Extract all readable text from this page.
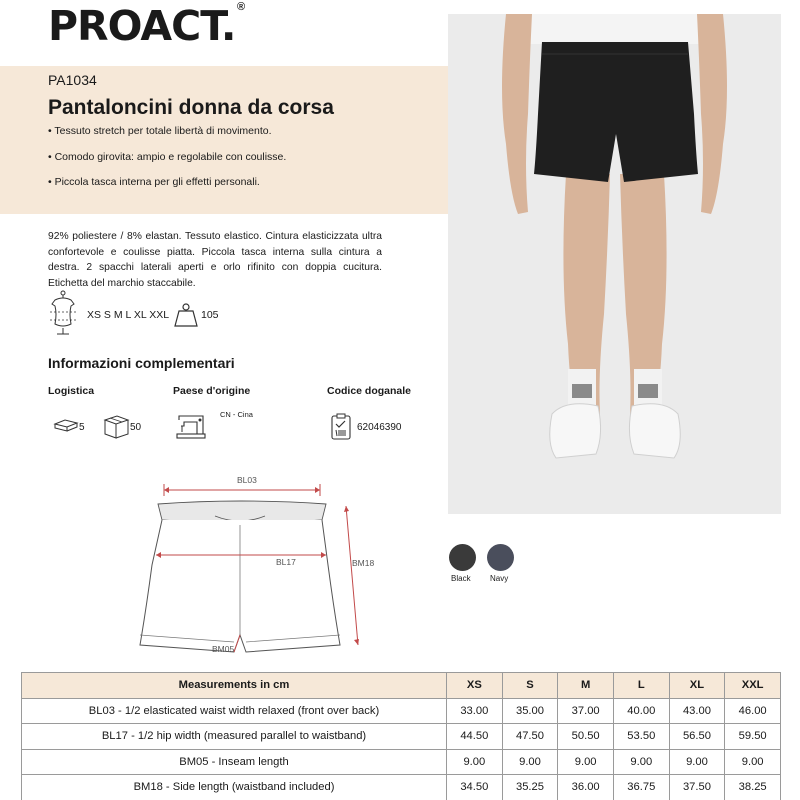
PROACT. ®
PA1034
Pantaloncini donna da corsa
• Tessuto stretch per totale libertà di movimento.
• Comodo girovita: ampio e regolabile con coulisse.
• Piccola tasca interna per gli effetti personali.

92% poliestere / 8% elastan. Tessuto elastico. Cintura elasticizzata ultra confortevole e coulisse piatta. Piccola tasca interna sulla cintura a destra. 2 spacchi laterali aperti e orlo rifinito con doppia cucitura. Etichetta del marchio staccabile.

XS S M L XL XXL	105
Informazioni complementari
Logistica	Paese d'origine	Codice doganale
5	50
CN - Cina
62046390
Black Navy
BL03
BL17	BM18
BM05
Measurements in cm	XS	S	M	L	XL	XXL
BL03 - 1/2 elasticated waist width relaxed (front over back)	33.00	35.00	37.00	40.00	43.00	46.00
BL17 - 1/2 hip width (measured parallel to waistband)	44.50	47.50	50.50	53.50	56.50	59.50
BM05 - Inseam length	9.00	9.00	9.00	9.00	9.00	9.00
BM18 - Side length (waistband included)	34.50	35.25	36.00	36.75	37.50	38.25
